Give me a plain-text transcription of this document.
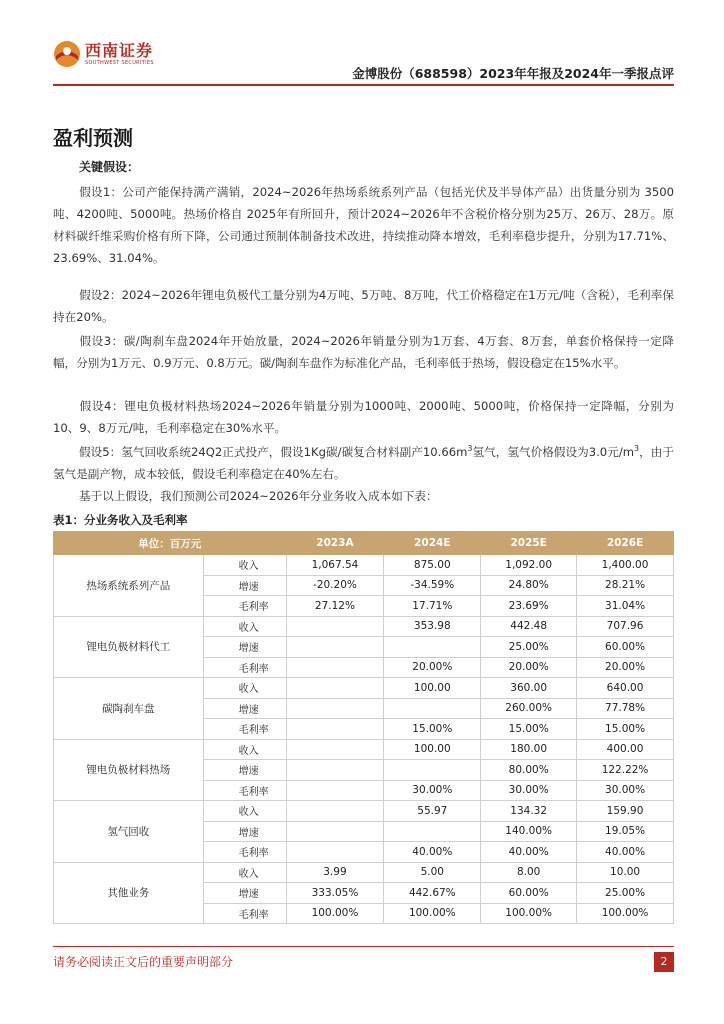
西南证券
SOUTHWEST SECURITIES
金博股份（688598）2023年年报及2024年一季报点评
盈利预测
关键假设：

假设1：公司产能保持满产满销，2024~2026年热场系统系列产品（包括光伏及半导体产品）出货量分别为 3500吨、4200吨、5000吨。热场价格自 2025年有所回升，预计2024~2026年不含税价格分别为25万、26万、28万。原材料碳纤维采购价格有所下降，公司通过预制体制备技术改进，持续推动降本增效，毛利率稳步提升，分别为17.71%、23.69%、31.04%。

假设2：2024~2026年锂电负极代工量分别为4万吨、5万吨、8万吨，代工价格稳定在1万元/吨（含税），毛利率保持在20%。

假设3：碳/陶刹车盘2024年开始放量，2024~2026年销量分别为1万套、4万套、8万套，单套价格保持一定降幅，分别为1万元、0.9万元、0.8万元。碳/陶刹车盘作为标准化产品，毛利率低于热场，假设稳定在15%水平。

假设4：锂电负极材料热场2024~2026年销量分别为1000吨、2000吨、5000吨，价格保持一定降幅，分别为10、9、8万元/吨，毛利率稳定在30%水平。

假设5：氢气回收系统24Q2正式投产，假设1Kg碳/碳复合材料副产$10.66m^3$氢气，氢气价格假设为3.0元$/m^3$，由于氢气是副产物，成本较低，假设毛利率稳定在40%左右。

基于以上假设，我们预测公司2024~2026年分业务收入成本如下表：

表1：分业务收入及毛利率
单位：百万元		2023A	2024E	2025E	2026E
热场系统系列产品	收入	1,067.54	875.00	1,092.00	1,400.00
	增速	-20.20%	-34.59%	24.80%	28.21%
	毛利率	27.12%	17.71%	23.69%	31.04%
锂电负极材料代工	收入		353.98	442.48	707.96
	增速			25.00%	60.00%
	毛利率		20.00%	20.00%	20.00%
碳陶刹车盘	收入		100.00	360.00	640.00
	增速			260.00%	77.78%
	毛利率		15.00%	15.00%	15.00%
锂电负极材料热场	收入		100.00	180.00	400.00
	增速			80.00%	122.22%
	毛利率		30.00%	30.00%	30.00%
氢气回收	收入		55.97	134.32	159.90
	增速			140.00%	19.05%
	毛利率		40.00%	40.00%	40.00%
其他业务	收入	3.99	5.00	8.00	10.00
	增速	333.05%	442.67%	60.00%	25.00%
	毛利率	100.00%	100.00%	100.00%	100.00%
请务必阅读正文后的重要声明部分	2
